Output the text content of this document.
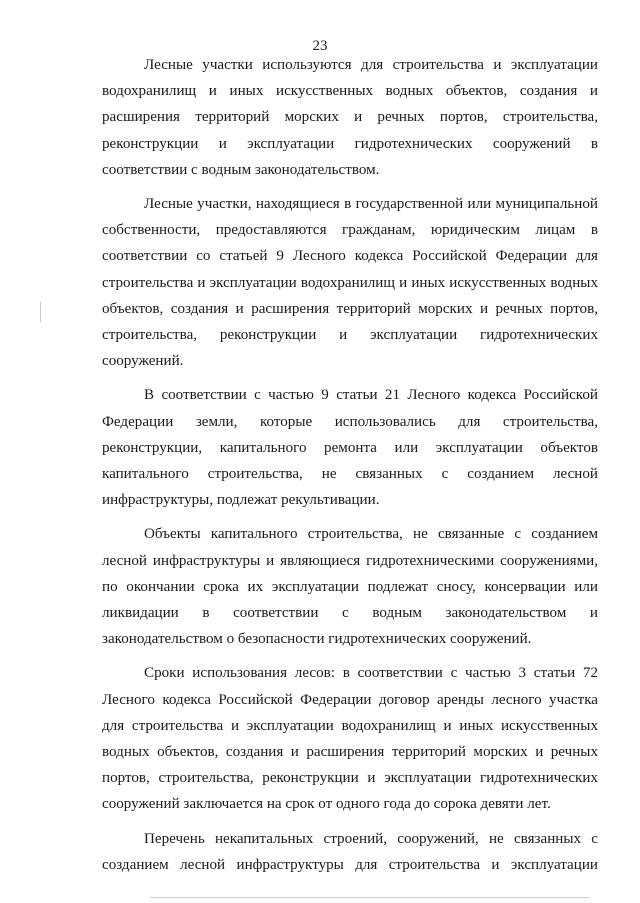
23

Лесные участки используются для строительства и эксплуатации водохранилищ и иных искусственных водных объектов, создания и расширения территорий морских и речных портов, строительства, реконструкции и эксплуатации гидротехнических сооружений в соответствии с водным законодательством.

Лесные участки, находящиеся в государственной или муниципальной собственности, предоставляются гражданам, юридическим лицам в соответствии со статьей 9 Лесного кодекса Российской Федерации для строительства и эксплуатации водохранилищ и иных искусственных водных объектов, создания и расширения территорий морских и речных портов, строительства, реконструкции и эксплуатации гидротехнических сооружений.

В соответствии с частью 9 статьи 21 Лесного кодекса Российской Федерации земли, которые использовались для строительства, реконструкции, капитального ремонта или эксплуатации объектов капитального строительства, не связанных с созданием лесной инфраструктуры, подлежат рекультивации.

Объекты капитального строительства, не связанные с созданием лесной инфраструктуры и являющиеся гидротехническими сооружениями, по окончании срока их эксплуатации подлежат сносу, консервации или ликвидации в соответствии с водным законодательством и законодательством о безопасности гидротехнических сооружений.

Сроки использования лесов: в соответствии с частью 3 статьи 72 Лесного кодекса Российской Федерации договор аренды лесного участка для строительства и эксплуатации водохранилищ и иных искусственных водных объектов, создания и расширения территорий морских и речных портов, строительства, реконструкции и эксплуатации гидротехнических сооружений заключается на срок от одного года до сорока девяти лет.

Перечень некапитальных строений, сооружений, не связанных с созданием лесной инфраструктуры для строительства и эксплуатации
